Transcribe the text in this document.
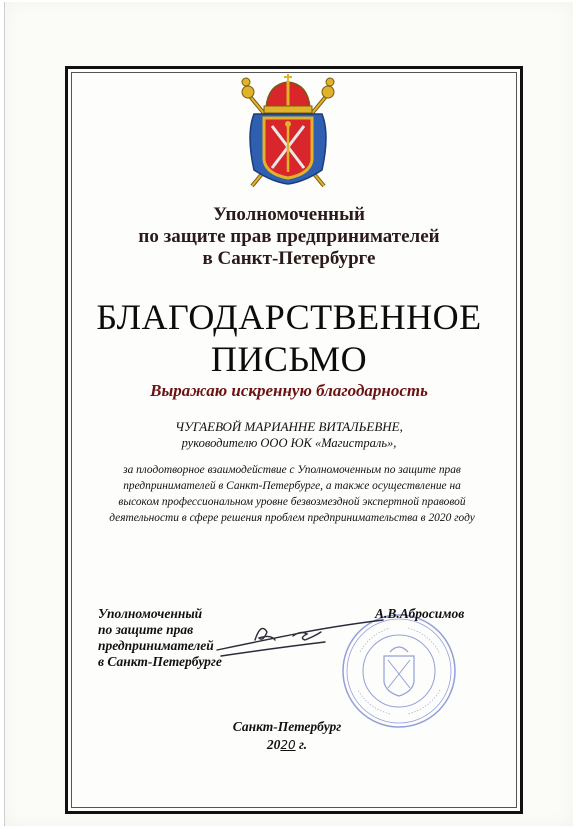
Уполномоченный
по защите прав предпринимателей
в Санкт-Петербурге
БЛАГОДАРСТВЕННОЕ
ПИСЬМО
Выражаю искренную благодарность
ЧУГАЕВОЙ МАРИАННЕ ВИТАЛЬЕВНЕ,
руководителю ООО ЮК «Магистраль»,
за плодотворное взаимодействие с Уполномоченным по защите прав
предпринимателей в Санкт-Петербурге, а также осуществление на
высоком профессиональном уровне безвозмездной экспертной правовой
деятельности в сфере решения проблем предпринимательства в 2020 году
Уполномоченный
по защите прав
предпринимателей
в Санкт-Петербурге
А.В.Абросимов
Санкт-Петербург
2020 г.
